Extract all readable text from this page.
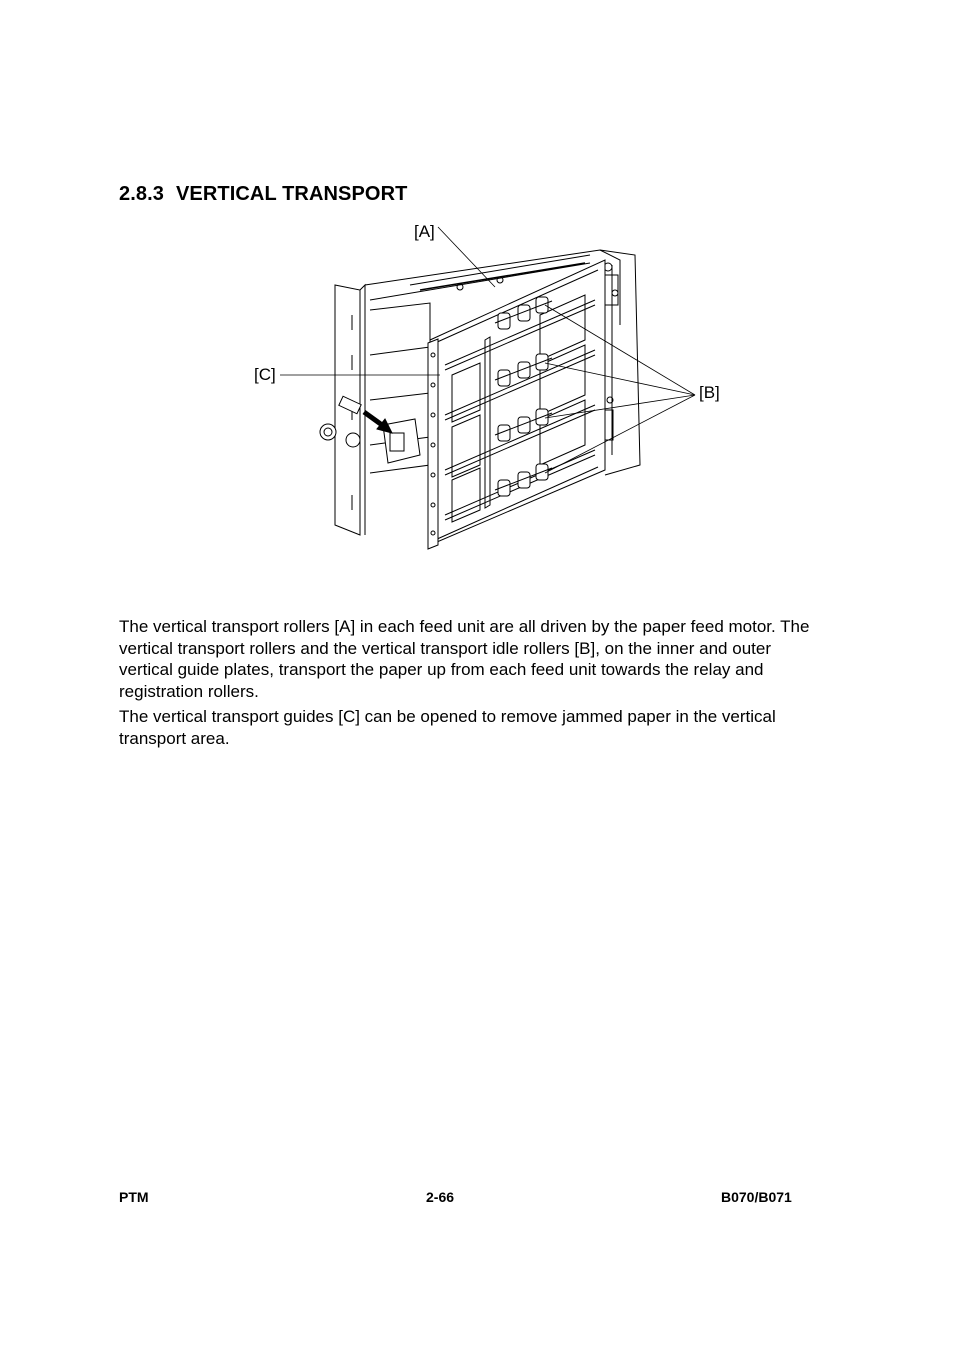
2.8.3 VERTICAL TRANSPORT
[A]
[C]
[B]

The vertical transport rollers [A] in each feed unit are all driven by the paper feed motor. The vertical transport rollers and the vertical transport idle rollers [B], on the inner and outer vertical guide plates, transport the paper up from each feed unit towards the relay and registration rollers.

The vertical transport guides [C] can be opened to remove jammed paper in the vertical transport area.

PTM	2-66	B070/B071
